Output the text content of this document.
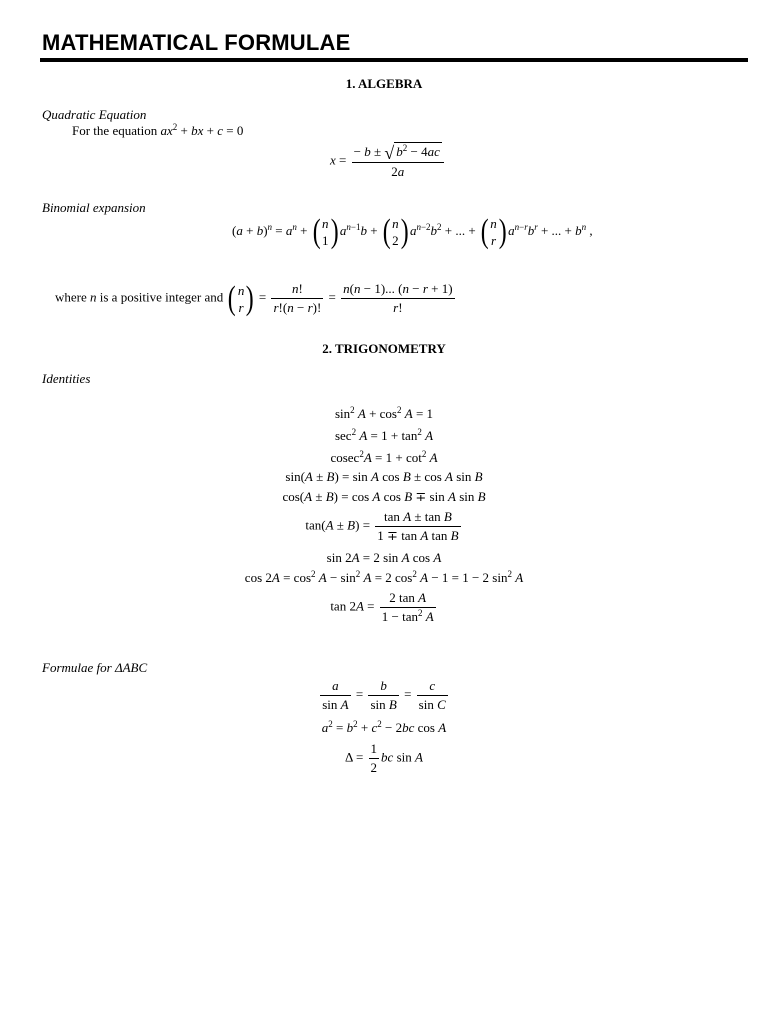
MATHEMATICAL FORMULAE
1. ALGEBRA
Quadratic Equation
For the equation $ax^2$ + bx + c = 0
$x = \frac{- b \pm √ b^2 - 4ac}{2a}$
Binomial expansion
$(a + b)^n = a^n$ + ( n
1 ) $a^{n-1}b$ + ( n
2 ) $a^{n-2}b^2$ + ... + ( n
r ) $a^{n-r}b^r$ + ... + $b^n$ ,
where n is a positive integer and ( n
r ) = $\frac{n!}{r!(n - r)!} = \frac{n(n - 1)... (n - r + 1)}{r!}$
2. TRIGONOMETRY
Identities
$\sin^2 A + \cos^2 A = 1$
$\sec^2 A = 1 + \tan^2 A$
$cosec^2A = 1 + \cot^2 A$
sin(A ± B) = sin A cos B ± cos A sin B
cos(A ± B) = cos A cos B ∓ sin A sin B
$\tan(A \pm B) = \frac{\text{tan A ± tan B}}{\text{1 ∓ tan A tan B}}$
sin 2A = 2 sin A cos A
$\cos 2A = \cos^2 A - \sin^2 A = 2$ $\cos^2 A - 1 = 1 - 2$ $\sin^2 A$
$\tan 2A = \frac{\text{2 tan A}}{1 - \tan^2 A}$
Formulae for ΔABC
$\frac{a}{\text{sin A}} = \frac{b}{\text{sin B}} = \frac{c}{\text{sin C}}$
$a^2 = b^2 + c^2 - 2bc$ cos A
$\Delta = \frac{1}{2}$ bc sin A
